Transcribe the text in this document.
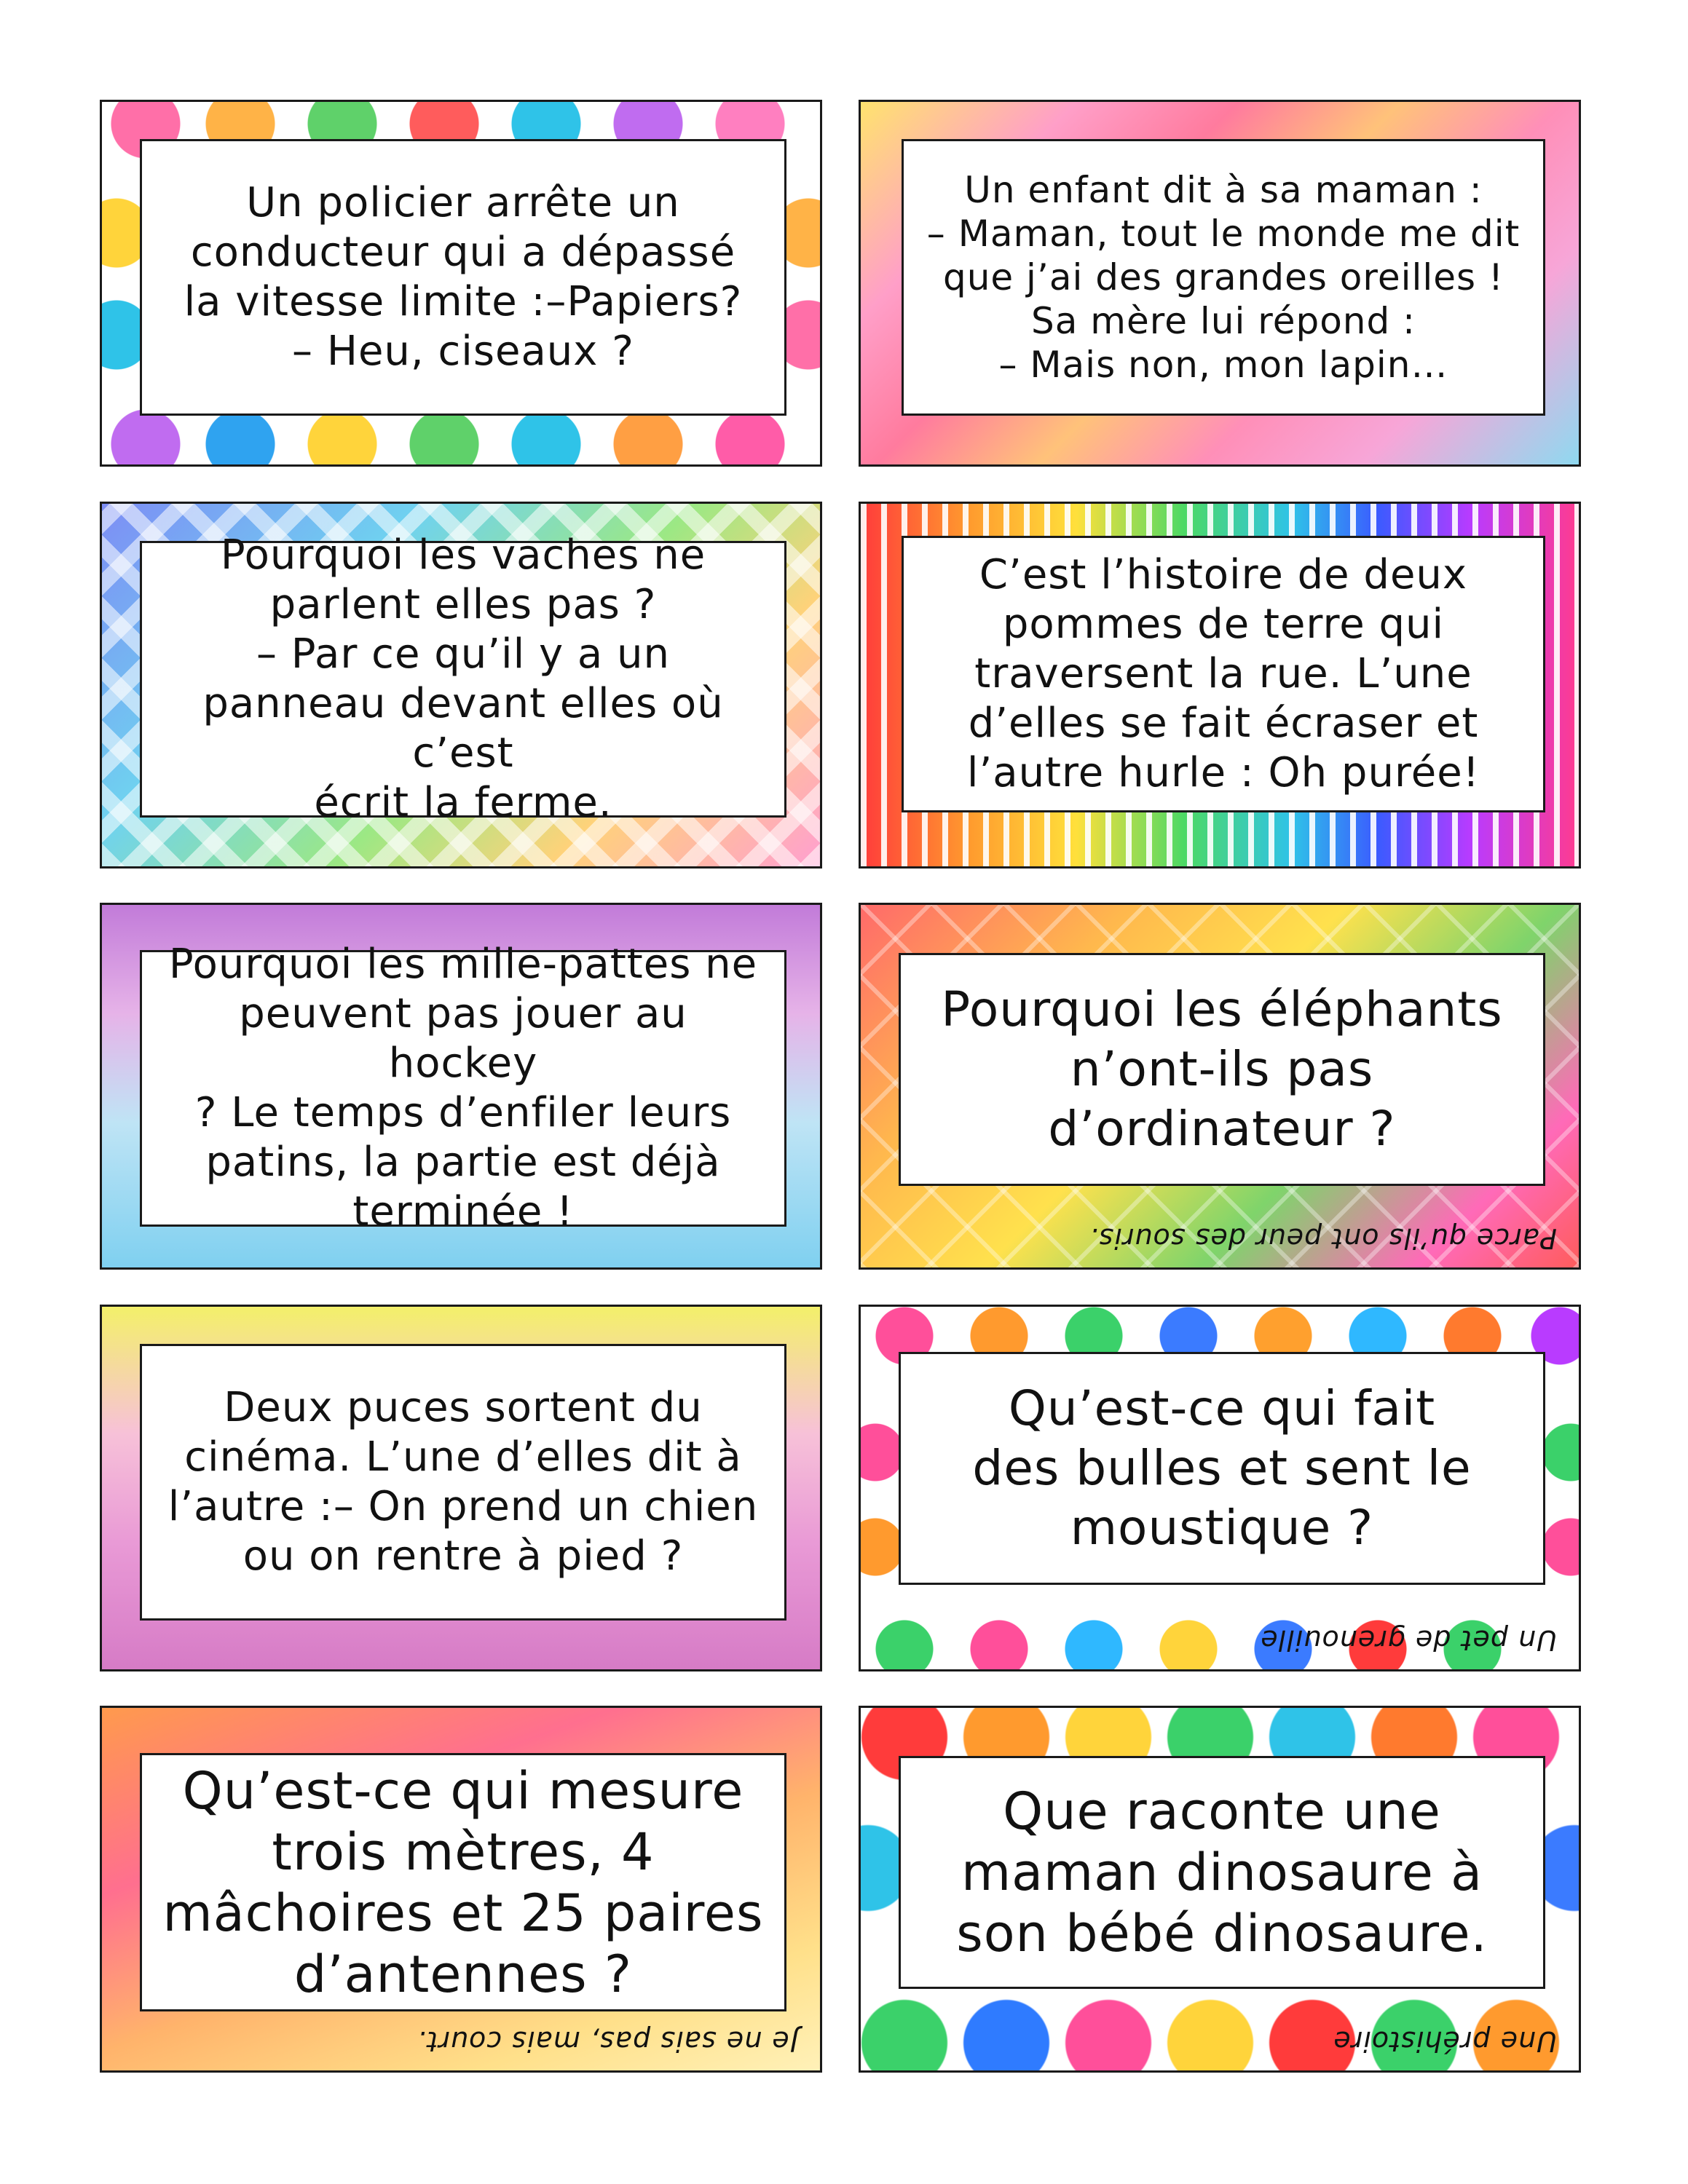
Un policier arrête un
conducteur qui a dépassé
la vitesse limite :–Papiers?
– Heu, ciseaux ?
Un enfant dit à sa maman :
– Maman, tout le monde me dit
que j’ai des grandes oreilles !
Sa mère lui répond :
– Mais non, mon lapin…
Pourquoi les vaches ne
parlent elles pas ?
– Par ce qu’il y a un
panneau devant elles où c’est
écrit la ferme.
C’est l’histoire de deux
pommes de terre qui
traversent la rue. L’une
d’elles se fait écraser et
l’autre hurle : Oh purée!
Pourquoi les mille-pattes ne
peuvent pas jouer au hockey
? Le temps d’enfiler leurs
patins, la partie est déjà
terminée !
Pourquoi les éléphants
n’ont-ils pas
d’ordinateur ?
Parce qu’ils ont peur des souris.
Deux puces sortent du
cinéma. L’une d’elles dit à
l’autre :– On prend un chien
ou on rentre à pied ?
Qu’est-ce qui fait
des bulles et sent le
moustique ?
Un pet de grenouille
Qu’est-ce qui mesure
trois mètres, 4
mâchoires et 25 paires
d’antennes ?
Je ne sais pas, mais court.
Que raconte une
maman dinosaure à
son bébé dinosaure.
Une préhistoire
